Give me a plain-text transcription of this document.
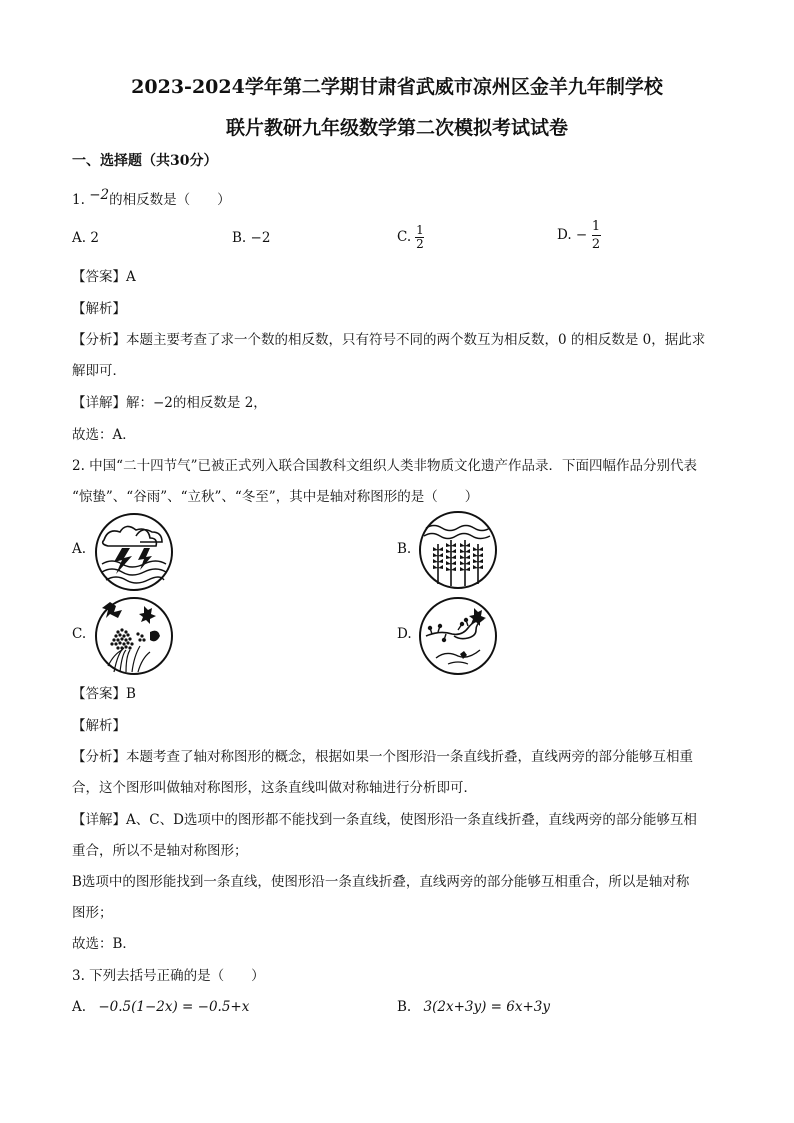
2023-2024学年第二学期甘肃省武威市凉州区金羊九年制学校
联片教研九年级数学第二次模拟考试试卷
一、选择题（共30分）
1. −2的相反数是（　　）
A. 2	B. −2	C. $\frac{1}{2}$	D. − $\frac{1}{2}$
【答案】A
【解析】
【分析】本题主要考查了求一个数的相反数，只有符号不同的两个数互为相反数，0 的相反数是 0，据此求
解即可．
【详解】解：−2的相反数是 2，
故选：A．
2. 中国“二十四节气”已被正式列入联合国教科文组织人类非物质文化遗产作品录．下面四幅作品分别代表
“惊蛰”、“谷雨”、“立秋”、“冬至”，其中是轴对称图形的是（　　）
A.	B.
C.	D.
【答案】B
【解析】
【分析】本题考查了轴对称图形的概念，根据如果一个图形沿一条直线折叠，直线两旁的部分能够互相重
合，这个图形叫做轴对称图形，这条直线叫做对称轴进行分析即可．
【详解】A、C、D选项中的图形都不能找到一条直线，使图形沿一条直线折叠，直线两旁的部分能够互相
重合，所以不是轴对称图形；
B选项中的图形能找到一条直线，使图形沿一条直线折叠，直线两旁的部分能够互相重合，所以是轴对称
图形；
故选：B．
3. 下列去括号正确的是（　　）
A. −0.5(1−2x) = −0.5+x	B. 3(2x+3y) = 6x+3y
